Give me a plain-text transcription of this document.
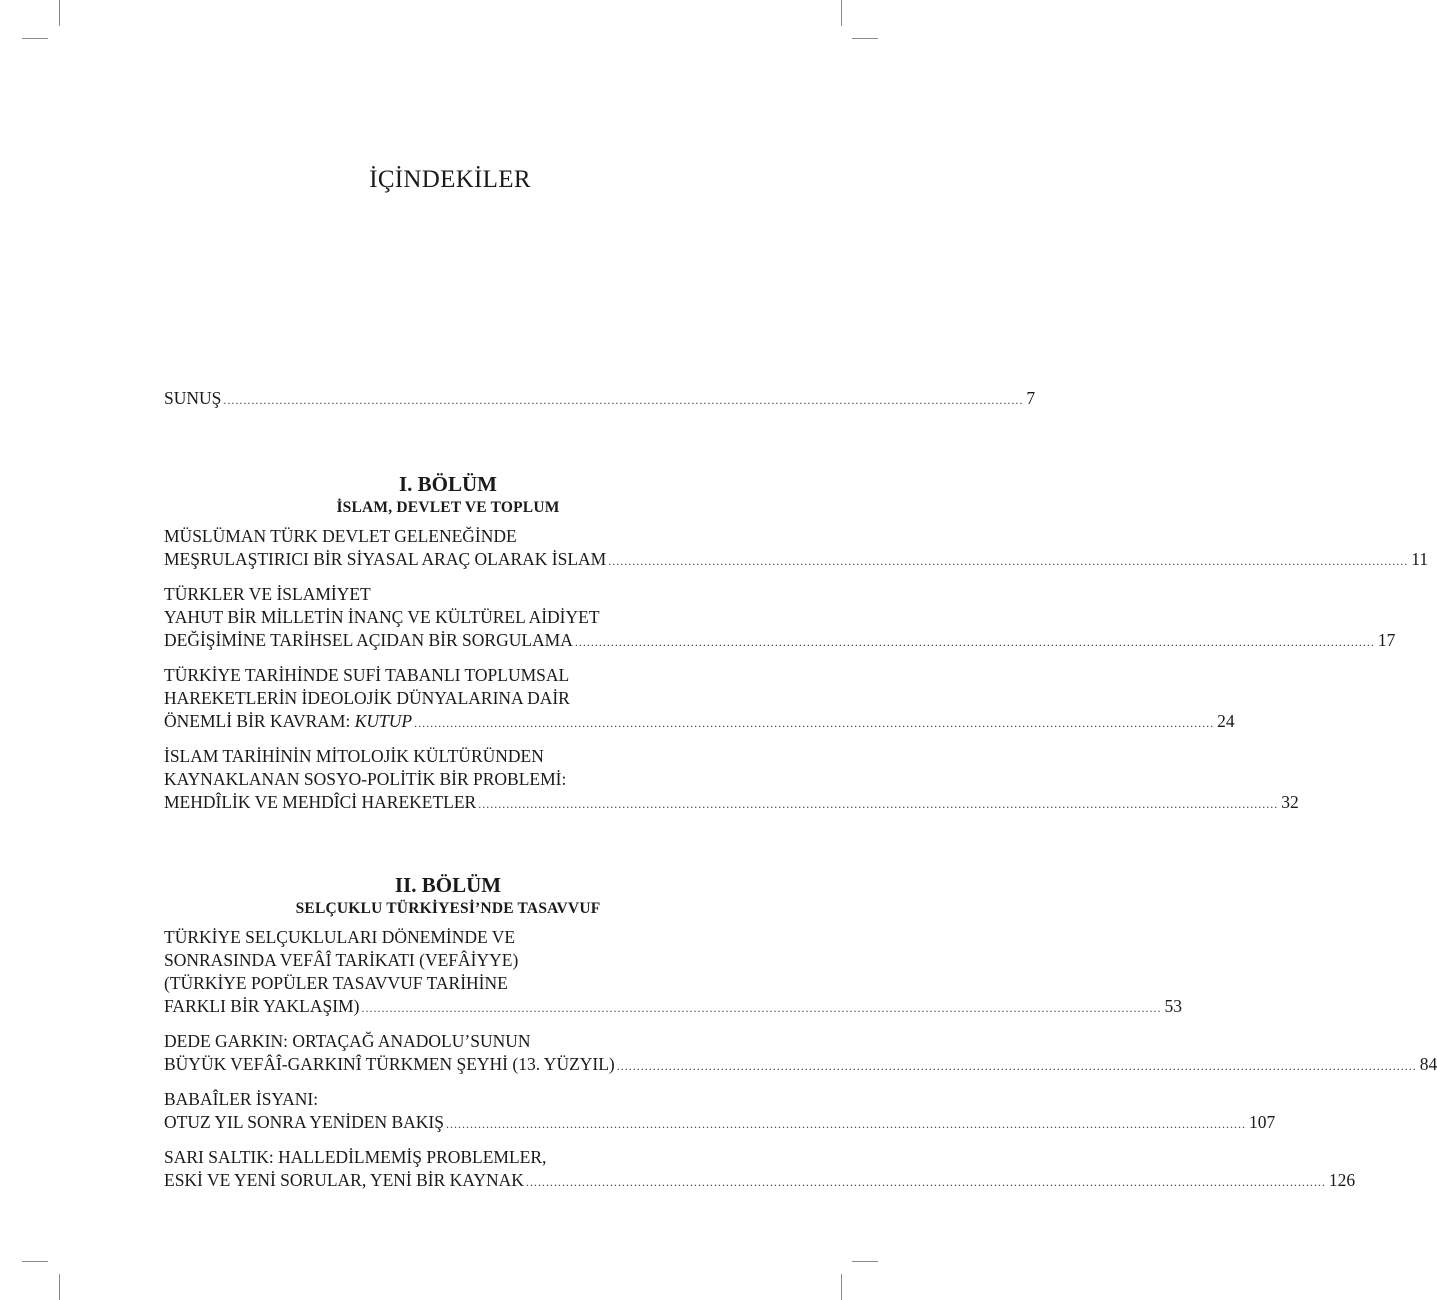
İÇİNDEKİLER
SUNUŞ ........................................................................................................................................................................................................ 7
I. BÖLÜM
İSLAM, DEVLET VE TOPLUM
MÜSLÜMAN TÜRK DEVLET GELENEĞİNDE
MEŞRULAŞTIRICI BİR SİYASAL ARAÇ OLARAK İSLAM ........................................................................................................................................................................................................ 11
TÜRKLER VE İSLAMİYET
YAHUT BİR MİLLETİN İNANÇ VE KÜLTÜREL AİDİYET
DEĞİŞİMİNE TARİHSEL AÇIDAN BİR SORGULAMA ........................................................................................................................................................................................................ 17
TÜRKİYE TARİHİNDE SUFİ TABANLI TOPLUMSAL
HAREKETLERİN İDEOLOJİK DÜNYALARINA DAİR
ÖNEMLİ BİR KAVRAM: KUTUP ........................................................................................................................................................................................................ 24
İSLAM TARİHİNİN MİTOLOJİK KÜLTÜRÜNDEN
KAYNAKLANAN SOSYO-POLİTİK BİR PROBLEMİ:
MEHDÎLİK VE MEHDÎCİ HAREKETLER ........................................................................................................................................................................................................ 32
II. BÖLÜM
SELÇUKLU TÜRKİYESİ’NDE TASAVVUF
TÜRKİYE SELÇUKLULARI DÖNEMİNDE VE
SONRASINDA VEFÂÎ TARİKATI (VEFÂİYYE)
(TÜRKİYE POPÜLER TASAVVUF TARİHİNE
FARKLI BİR YAKLAŞIM) ........................................................................................................................................................................................................ 53
DEDE GARKIN: ORTAÇAĞ ANADOLU’SUNUN
BÜYÜK VEFÂÎ-GARKINÎ TÜRKMEN ŞEYHİ (13. YÜZYIL) ........................................................................................................................................................................................................ 84
BABAÎLER İSYANI:
OTUZ YIL SONRA YENİDEN BAKIŞ ........................................................................................................................................................................................................ 107
SARI SALTIK: HALLEDİLMEMİŞ PROBLEMLER,
ESKİ VE YENİ SORULAR, YENİ BİR KAYNAK ........................................................................................................................................................................................................ 126
